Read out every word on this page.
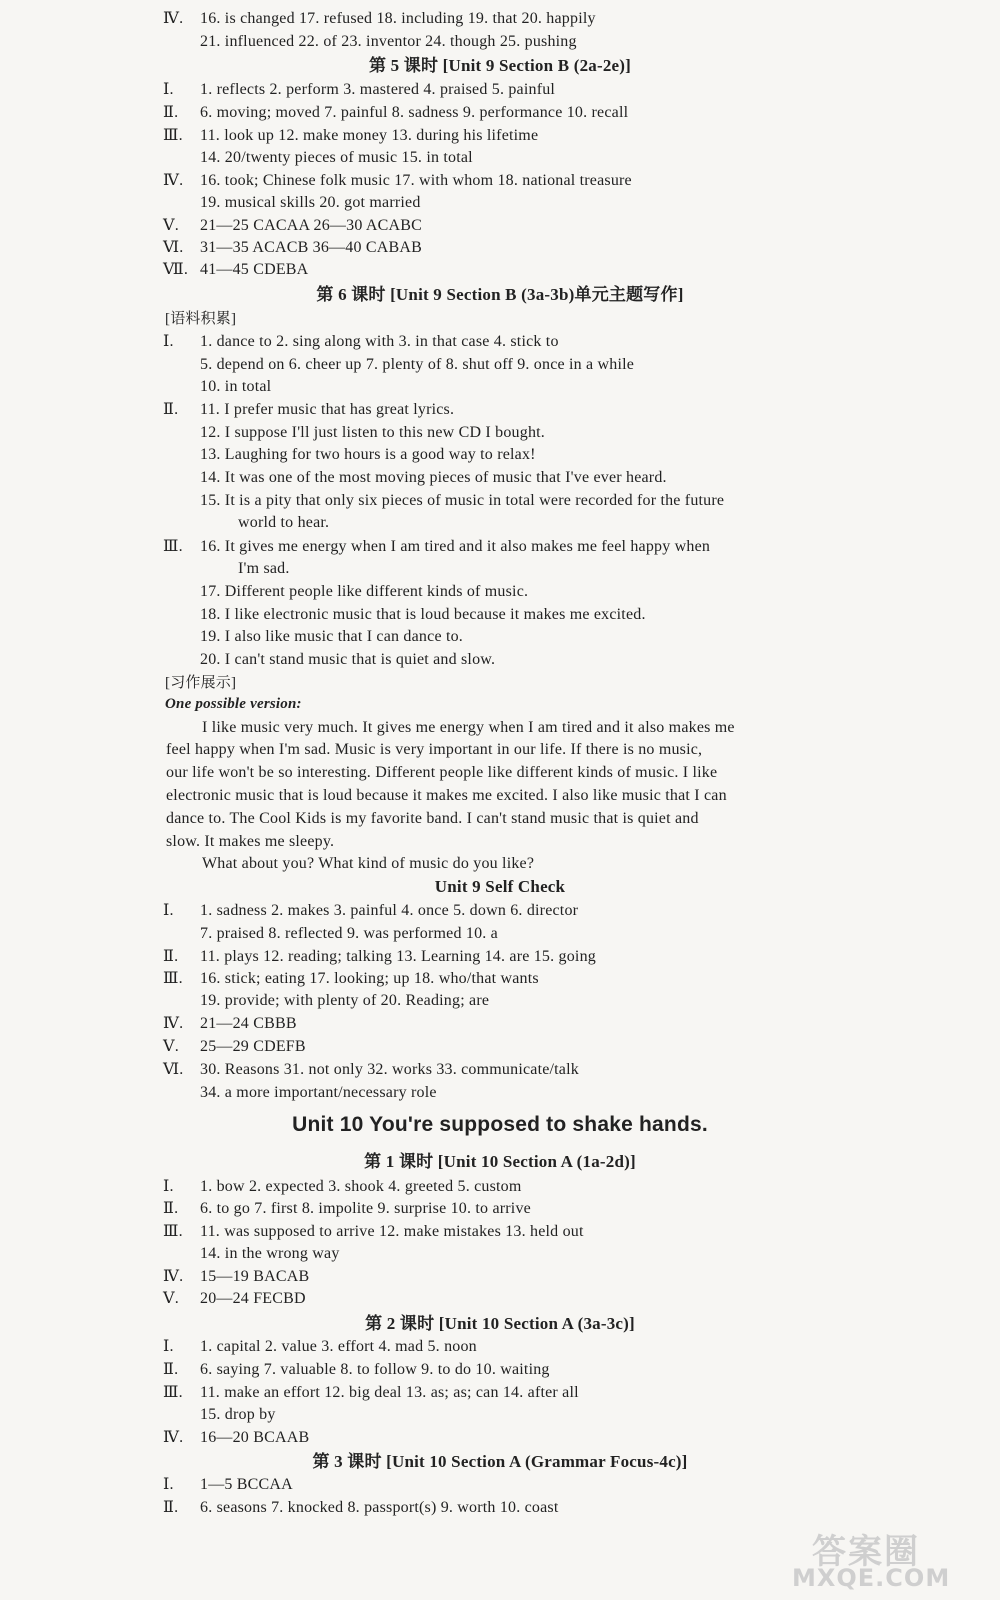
Ⅳ. 16. is changed 17. refused 18. including 19. that 20. happily
21. influenced 22. of 23. inventor 24. though 25. pushing
第 5 课时 [Unit 9 Section B (2a-2e)]
Ⅰ. 1. reflects 2. perform 3. mastered 4. praised 5. painful
Ⅱ. 6. moving; moved 7. painful 8. sadness 9. performance 10. recall
Ⅲ. 11. look up 12. make money 13. during his lifetime
14. 20/twenty pieces of music 15. in total
Ⅳ. 16. took; Chinese folk music 17. with whom 18. national treasure
19. musical skills 20. got married
Ⅴ. 21—25 CACAA 26—30 ACABC
Ⅵ. 31—35 ACACB 36—40 CABAB
Ⅶ. 41—45 CDEBA
第 6 课时 [Unit 9 Section B (3a-3b)单元主题写作]
[语料积累]
Ⅰ. 1. dance to 2. sing along with 3. in that case 4. stick to
5. depend on 6. cheer up 7. plenty of 8. shut off 9. once in a while
10. in total
Ⅱ. 11. I prefer music that has great lyrics.
12. I suppose I'll just listen to this new CD I bought.
13. Laughing for two hours is a good way to relax!
14. It was one of the most moving pieces of music that I've ever heard.
15. It is a pity that only six pieces of music in total were recorded for the future
world to hear.
Ⅲ. 16. It gives me energy when I am tired and it also makes me feel happy when
I'm sad.
17. Different people like different kinds of music.
18. I like electronic music that is loud because it makes me excited.
19. I also like music that I can dance to.
20. I can't stand music that is quiet and slow.
[习作展示]
One possible version:
I like music very much. It gives me energy when I am tired and it also makes me
feel happy when I'm sad. Music is very important in our life. If there is no music,
our life won't be so interesting. Different people like different kinds of music. I like
electronic music that is loud because it makes me excited. I also like music that I can
dance to. The Cool Kids is my favorite band. I can't stand music that is quiet and
slow. It makes me sleepy.
What about you? What kind of music do you like?
Unit 9 Self Check
Ⅰ. 1. sadness 2. makes 3. painful 4. once 5. down 6. director
7. praised 8. reflected 9. was performed 10. a
Ⅱ. 11. plays 12. reading; talking 13. Learning 14. are 15. going
Ⅲ. 16. stick; eating 17. looking; up 18. who/that wants
19. provide; with plenty of 20. Reading; are
Ⅳ. 21—24 CBBB
Ⅴ. 25—29 CDEFB
Ⅵ. 30. Reasons 31. not only 32. works 33. communicate/talk
34. a more important/necessary role
Unit 10 You're supposed to shake hands.
第 1 课时 [Unit 10 Section A (1a-2d)]
Ⅰ. 1. bow 2. expected 3. shook 4. greeted 5. custom
Ⅱ. 6. to go 7. first 8. impolite 9. surprise 10. to arrive
Ⅲ. 11. was supposed to arrive 12. make mistakes 13. held out
14. in the wrong way
Ⅳ. 15—19 BACAB
Ⅴ. 20—24 FECBD
第 2 课时 [Unit 10 Section A (3a-3c)]
Ⅰ. 1. capital 2. value 3. effort 4. mad 5. noon
Ⅱ. 6. saying 7. valuable 8. to follow 9. to do 10. waiting
Ⅲ. 11. make an effort 12. big deal 13. as; as; can 14. after all
15. drop by
Ⅳ. 16—20 BCAAB
第 3 课时 [Unit 10 Section A (Grammar Focus-4c)]
Ⅰ. 1—5 BCCAA
Ⅱ. 6. seasons 7. knocked 8. passport(s) 9. worth 10. coast
答案圈
MXQE.COM
